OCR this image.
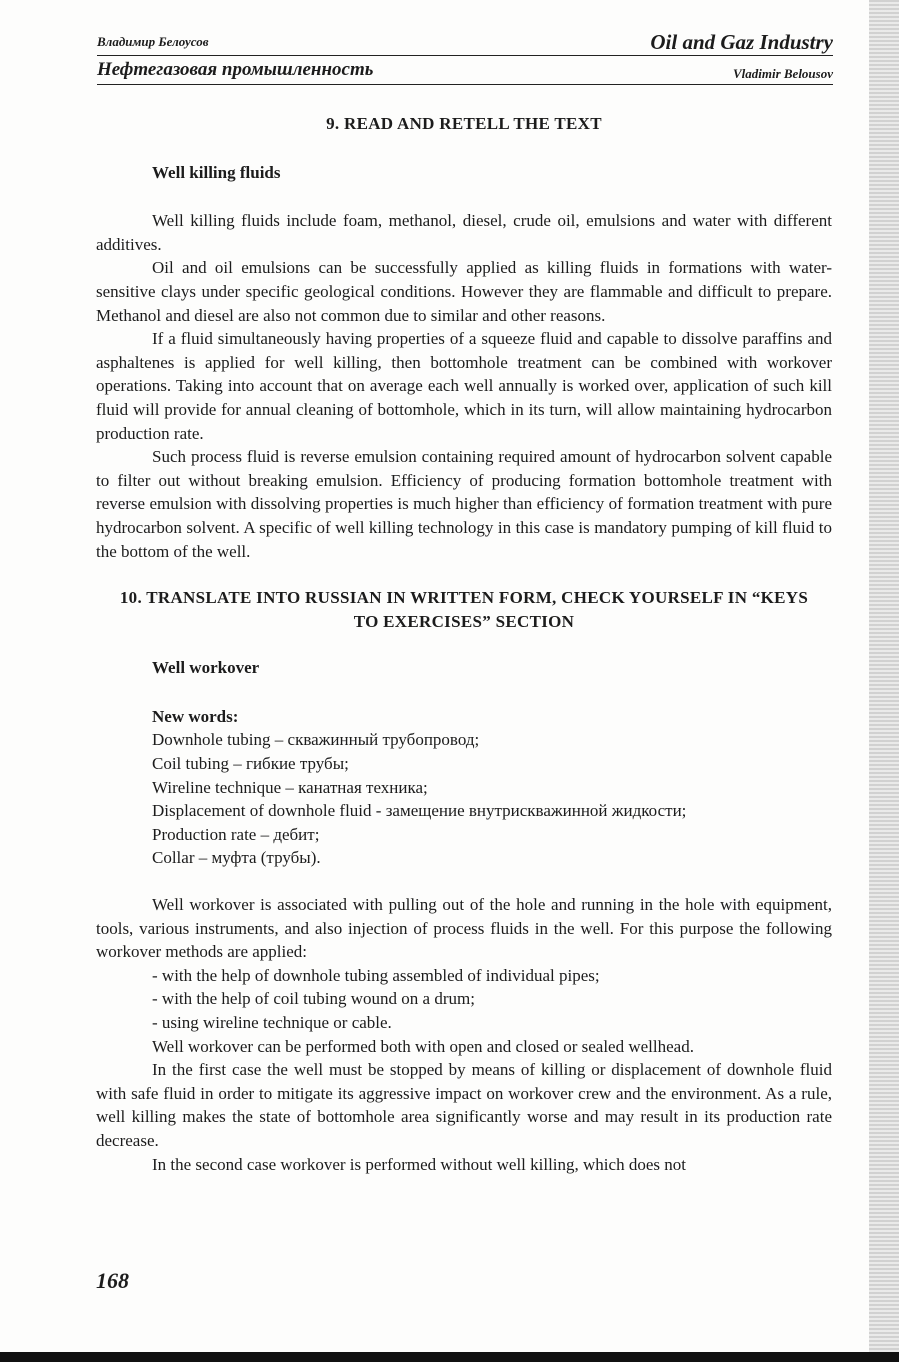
Владимир Белоусов	Oil and Gaz Industry
Нефтегазовая промышленность	Vladimir Belousov
9. READ AND RETELL THE TEXT
Well killing fluids

Well killing fluids include foam, methanol, diesel, crude oil, emulsions and water with different additives.

Oil and oil emulsions can be successfully applied as killing fluids in formations with water-sensitive clays under specific geological conditions. However they are flammable and difficult to prepare. Methanol and diesel are also not common due to similar and other reasons.

If a fluid simultaneously having properties of a squeeze fluid and capable to dissolve paraffins and asphaltenes is applied for well killing, then bottomhole treatment can be combined with workover operations. Taking into account that on average each well annually is worked over, application of such kill fluid will provide for annual cleaning of bottomhole, which in its turn, will allow maintaining hydrocarbon production rate.

Such process fluid is reverse emulsion containing required amount of hydrocarbon solvent capable to filter out without breaking emulsion. Efficiency of producing formation bottomhole treatment with reverse emulsion with dissolving properties is much higher than efficiency of formation treatment with pure hydrocarbon solvent. A specific of well killing technology in this case is mandatory pumping of kill fluid to the bottom of the well.

10. TRANSLATE INTO RUSSIAN IN WRITTEN FORM, CHECK YOURSELF IN “KEYS TO EXERCISES” SECTION
Well workover
New words:
Downhole tubing – скважинный трубопровод;
Coil tubing – гибкие трубы;
Wireline technique – канатная техника;
Displacement of downhole fluid - замещение внутрискважинной жидкости;
Production rate – дебит;
Collar – муфта (трубы).

Well workover is associated with pulling out of the hole and running in the hole with equipment, tools, various instruments, and also injection of process fluids in the well. For this purpose the following workover methods are applied:

- with the help of downhole tubing assembled of individual pipes;
- with the help of coil tubing wound on a drum;
- using wireline technique or cable.

Well workover can be performed both with open and closed or sealed wellhead.

In the first case the well must be stopped by means of killing or displacement of downhole fluid with safe fluid in order to mitigate its aggressive impact on workover crew and the environment. As a rule, well killing makes the state of bottomhole area significantly worse and may result in its production rate decrease.

In the second case workover is performed without well killing, which does not

168
